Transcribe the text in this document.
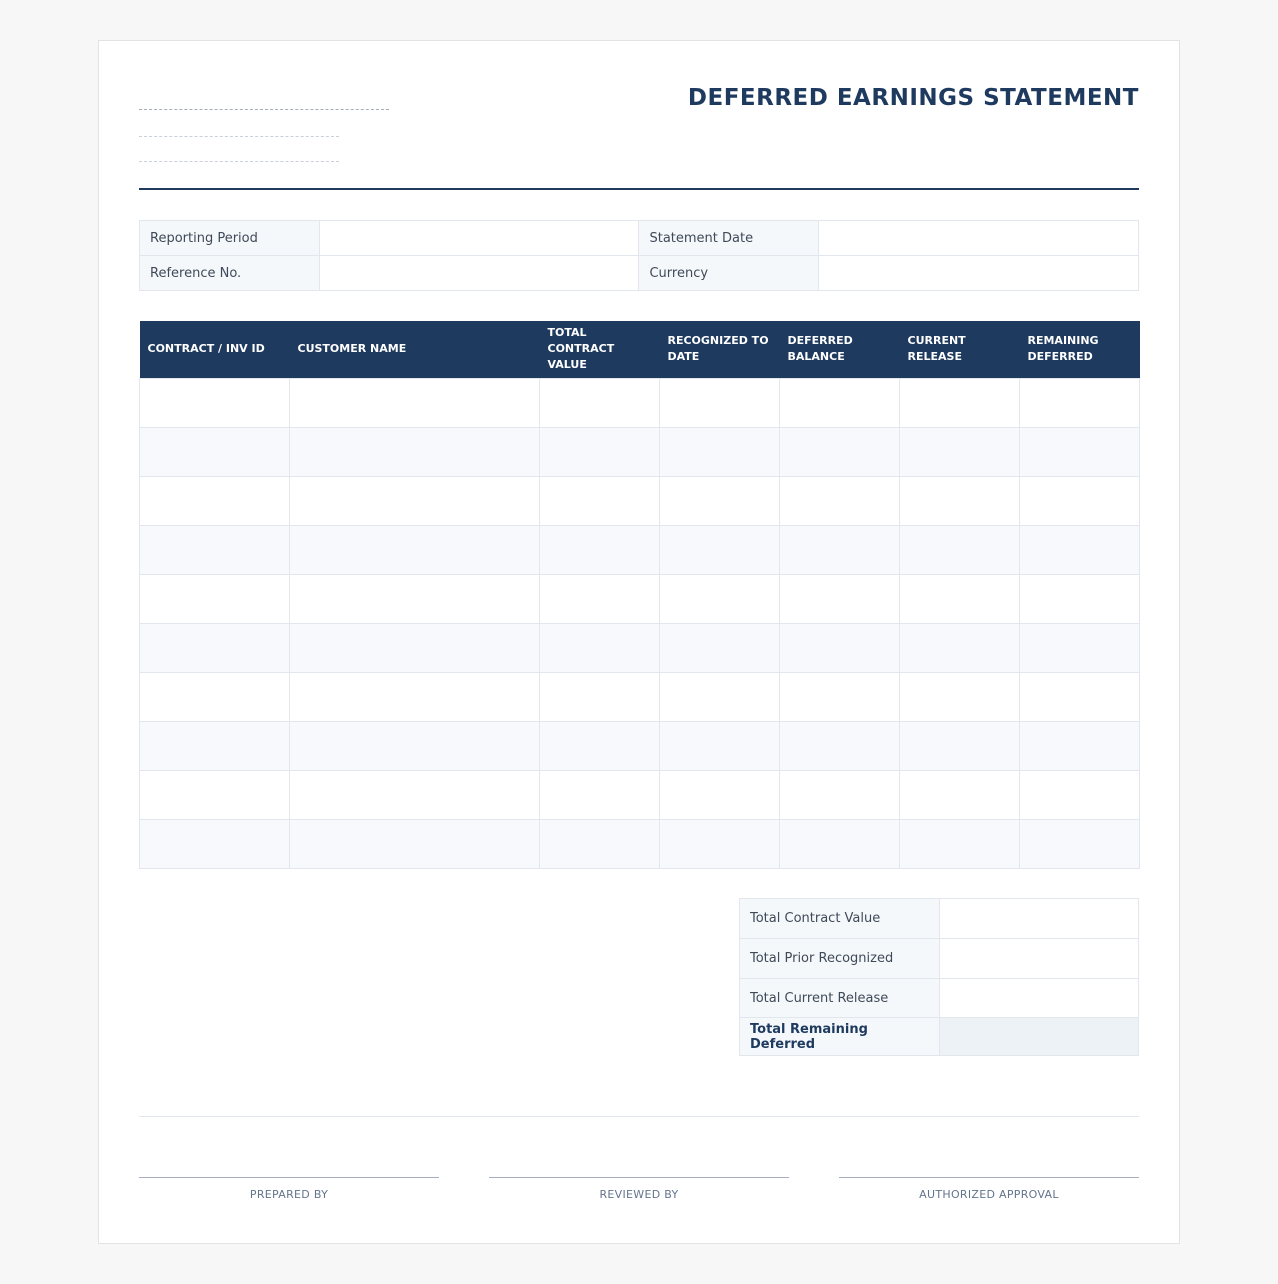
DEFERRED EARNINGS STATEMENT
Reporting Period		Statement Date	
Reference No.		Currency	
CONTRACT / INV ID	CUSTOMER NAME	TOTAL CONTRACT VALUE	RECOGNIZED TO DATE	DEFERRED BALANCE	CURRENT RELEASE	REMAINING DEFERRED

Total Contract Value	
Total Prior Recognized	
Total Current Release	
Total Remaining Deferred	
PREPARED BY	REVIEWED BY	AUTHORIZED APPROVAL
